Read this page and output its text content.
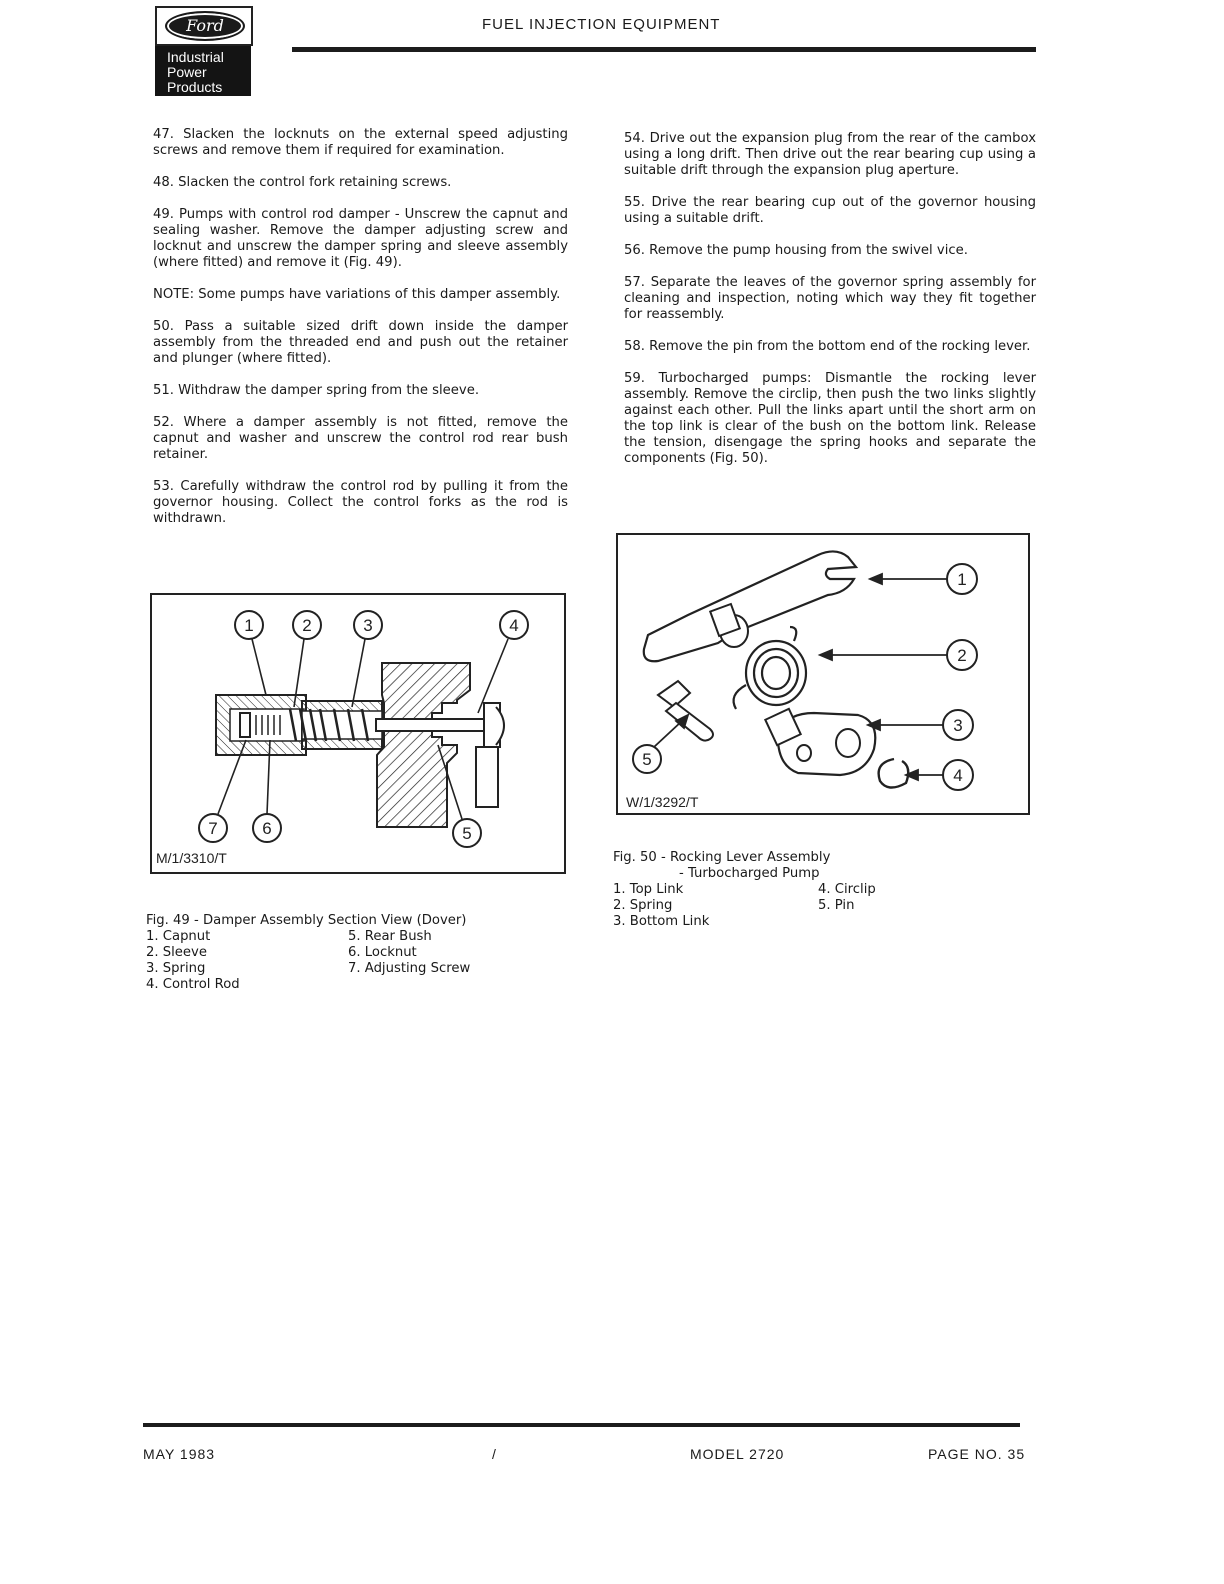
Ford
Industrial
Power
Products
FUEL INJECTION EQUIPMENT

47. Slacken the locknuts on the external speed adjusting screws and remove them if required for examination.

48. Slacken the control fork retaining screws.

49. Pumps with control rod damper - Unscrew the capnut and sealing washer. Remove the damper adjusting screw and locknut and unscrew the damper spring and sleeve assembly (where fitted) and remove it (Fig. 49).

NOTE: Some pumps have variations of this damper assembly.

50. Pass a suitable sized drift down inside the damper assembly from the threaded end and push out the retainer and plunger (where fitted).

51. Withdraw the damper spring from the sleeve.

52. Where a damper assembly is not fitted, remove the capnut and washer and unscrew the control rod rear bush retainer.

53. Carefully withdraw the control rod by pulling it from the governor housing. Collect the control forks as the rod is withdrawn.

54. Drive out the expansion plug from the rear of the cambox using a long drift. Then drive out the rear bearing cup using a suitable drift through the expansion plug aperture.

55. Drive the rear bearing cup out of the governor housing using a suitable drift.

56. Remove the pump housing from the swivel vice.

57. Separate the leaves of the governor spring assembly for cleaning and inspection, noting which way they fit together for reassembly.

58. Remove the pin from the bottom end of the rocking lever.

59. Turbocharged pumps: Dismantle the rocking lever assembly. Remove the circlip, then push the two links slightly against each other. Pull the links apart until the short arm on the top link is clear of the bush on the bottom link. Release the tension, disengage the spring hooks and separate the components (Fig. 50).

1	2	3	4
5
6
7
M/1/3310/T
Fig. 49 - Damper Assembly Section View (Dover)
1. Capnut	5. Rear Bush
2. Sleeve	6. Locknut
3. Spring	7. Adjusting Screw
4. Control Rod
1
2
3
4
5
W/1/3292/T
Fig. 50 - Rocking Lever Assembly
- Turbocharged Pump
1. Top Link	4. Circlip
2. Spring	5. Pin
3. Bottom Link
MAY 1983	/	MODEL 2720	PAGE NO. 35
